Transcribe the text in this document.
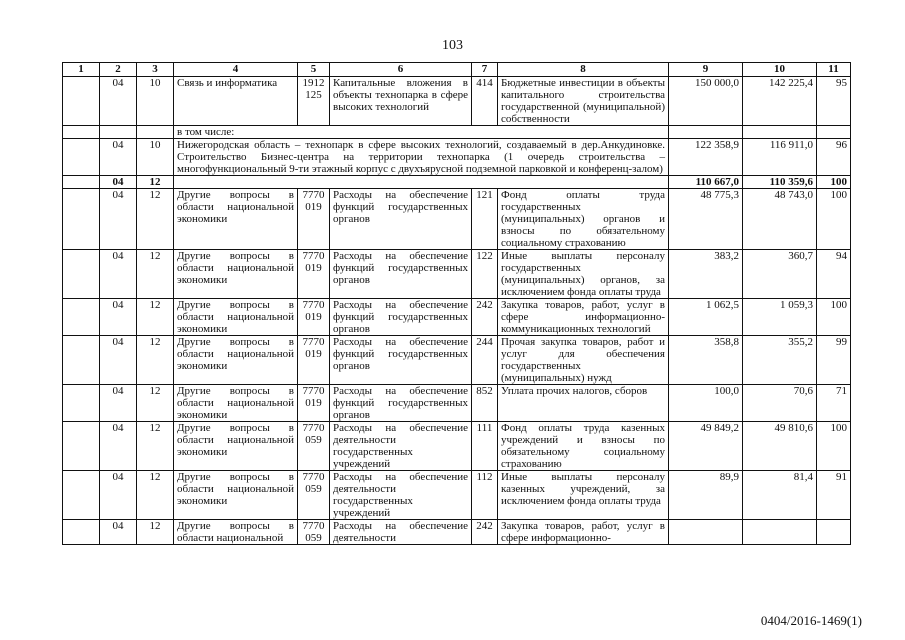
103
1	2	3	4	5	6	7	8	9	10	11
	04	10	Связь и информатика	1912 125	Капитальные вложения в объекты технопарка в сфере высоких технологий	414	Бюджетные инвестиции в объекты капитального строительства государственной (муниципальной) собственности	150 000,0	142 225,4	95
			в том числе:							
	04	10	Нижегородская область – технопарк в сфере высоких технологий, создаваемый в дер.Анкудиновке. Строительство Бизнес-центра на территории технопарка (1 очередь строительства – многофункциональный 9-ти этажный корпус с двухъярусной подземной парковкой и конференц-залом)					122 358,9	116 911,0	96
	04	12						110 667,0	110 359,6	100
	04	12	Другие вопросы в области национальной экономики	7770 019	Расходы на обеспечение функций государственных органов	121	Фонд оплаты труда государственных (муниципальных) органов и взносы по обязательному социальному страхованию	48 775,3	48 743,0	100
	04	12	Другие вопросы в области национальной экономики	7770 019	Расходы на обеспечение функций государственных органов	122	Иные выплаты персоналу государственных (муниципальных) органов, за исключением фонда оплаты труда	383,2	360,7	94
	04	12	Другие вопросы в области национальной экономики	7770 019	Расходы на обеспечение функций государственных органов	242	Закупка товаров, работ, услуг в сфере информационно-коммуникационных технологий	1 062,5	1 059,3	100
	04	12	Другие вопросы в области национальной экономики	7770 019	Расходы на обеспечение функций государственных органов	244	Прочая закупка товаров, работ и услуг для обеспечения государственных (муниципальных) нужд	358,8	355,2	99
	04	12	Другие вопросы в области национальной экономики	7770 019	Расходы на обеспечение функций государственных органов	852	Уплата прочих налогов, сборов	100,0	70,6	71
	04	12	Другие вопросы в области национальной экономики	7770 059	Расходы на обеспечение деятельности государственных учреждений	111	Фонд оплаты труда казенных учреждений и взносы по обязательному социальному страхованию	49 849,2	49 810,6	100
	04	12	Другие вопросы в области национальной экономики	7770 059	Расходы на обеспечение деятельности государственных учреждений	112	Иные выплаты персоналу казенных учреждений, за исключением фонда оплаты труда	89,9	81,4	91
	04	12	Другие вопросы в области национальной	7770 059	Расходы на обеспечение деятельности	242	Закупка товаров, работ, услуг в сфере информационно-			
0404/2016-1469(1)
